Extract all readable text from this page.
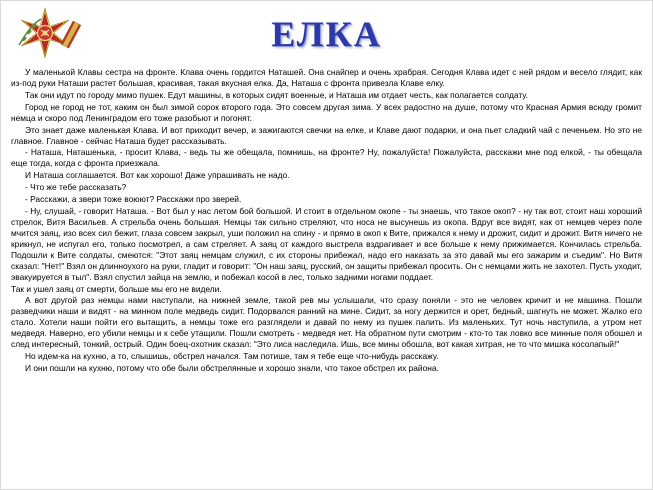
ЕЛКА

У маленькой Клавы сестра на фронте. Клава очень гордится Наташей. Она снайпер и очень храбрая. Сегодня Клава идет с ней рядом и весело глядит, как из-под руки Наташи растет большая, красивая, такая вкусная елка. Да, Наташа с фронта привезла Клаве елку.

Так они идут по городу мимо пушек. Едут машины, в которых сидят военные, и Наташа им отдает честь, как полагается солдату.

Город не город не тот, каким он был зимой сорок второго года. Это совсем другая зима. У всех радостно на душе, потому что Красная Армия всюду громит немца и скоро под Ленинградом его тоже разобьют и погонят.

Это знает даже маленькая Клава. И вот приходит вечер, и зажигаются свечки на елке, и Клаве дают подарки, и она пьет сладкий чай с печеньем. Но это не главное. Главное - сейчас Наташа будет рассказывать.

- Наташа, Наташенька, - просит Клава, - ведь ты же обещала, помнишь, на фронте? Ну, пожалуйста! Пожалуйста, расскажи мне под елкой, - ты обещала еще тогда, когда с фронта приезжала.

И Наташа соглашается. Вот как хорошо! Даже упрашивать не надо.

- Что же тебе рассказать?

- Расскажи, а звери тоже воюют? Расскажи про зверей.

- Ну, слушай, - говорит Наташа. - Вот был у нас летом бой большой. И стоит в отдельном окопе - ты знаешь, что такое окоп? - ну так вот, стоит наш хороший стрелок, Витя Васильев. А стрельба очень большая. Немцы так сильно стреляют, что носа не высунешь из окопа. Вдруг все видят, как от немцев через поле мчится заяц, изо всех сил бежит, глаза совсем закрыл, уши положил на спину - и прямо в окоп к Вите, прижался к нему и дрожит, сидит и дрожит. Витя ничего не крикнул, не испугал его, только посмотрел, а сам стреляет. А заяц от каждого выстрела вздрагивает и все больше к нему прижимается. Кончилась стрельба. Подошли к Вите солдаты, смеются: "Этот заяц немцам служил, с их стороны прибежал, надо его наказать за это давай мы его зажарим и съедим". Но Витя сказал: "Нет!" Взял он длинноухого на руки, гладит и говорит: "Он наш заяц, русский, он защиты прибежал просить. Он с немцами жить не захотел. Пусть уходит, эвакуируется в тыл". Взял спустил зайца на землю, и побежал косой в лес, только задними ногами поддает.

Так и ушел заяц от смерти, больше мы его не видели.

А вот другой раз немцы нами наступали, на нижней земле, такой рев мы услышали, что сразу поняли - это не человек кричит и не машина. Пошли разведчики наши и видят - на минном поле медведь сидит. Подорвался ранний на мине. Сидит, за ногу держится и орет, бедный, шагнуть не может. Жалко его стало. Хотели наши пойти его вытащить, а немцы тоже его разглядели и давай по нему из пушек палить. Из маленьких. Тут ночь наступила, а утром нет медведя. Наверно, его убили немцы и к себе утащили. Пошли смотреть - медведя нет. На обратном пути смотрим - кто-то так ловко все минные поля обошел и след интересный, тонкий, острый. Один боец-охотник сказал: "Это лиса наследила. Ишь, все мины обошла, вот какая хитрая, не то что мишка косолапый!"

Но идем-ка на кухню, а то, слышишь, обстрел начался. Там потише, там я тебе еще что-нибудь расскажу.

И они пошли на кухню, потому что обе были обстрелянные и хорошо знали, что такое обстрел их района.
